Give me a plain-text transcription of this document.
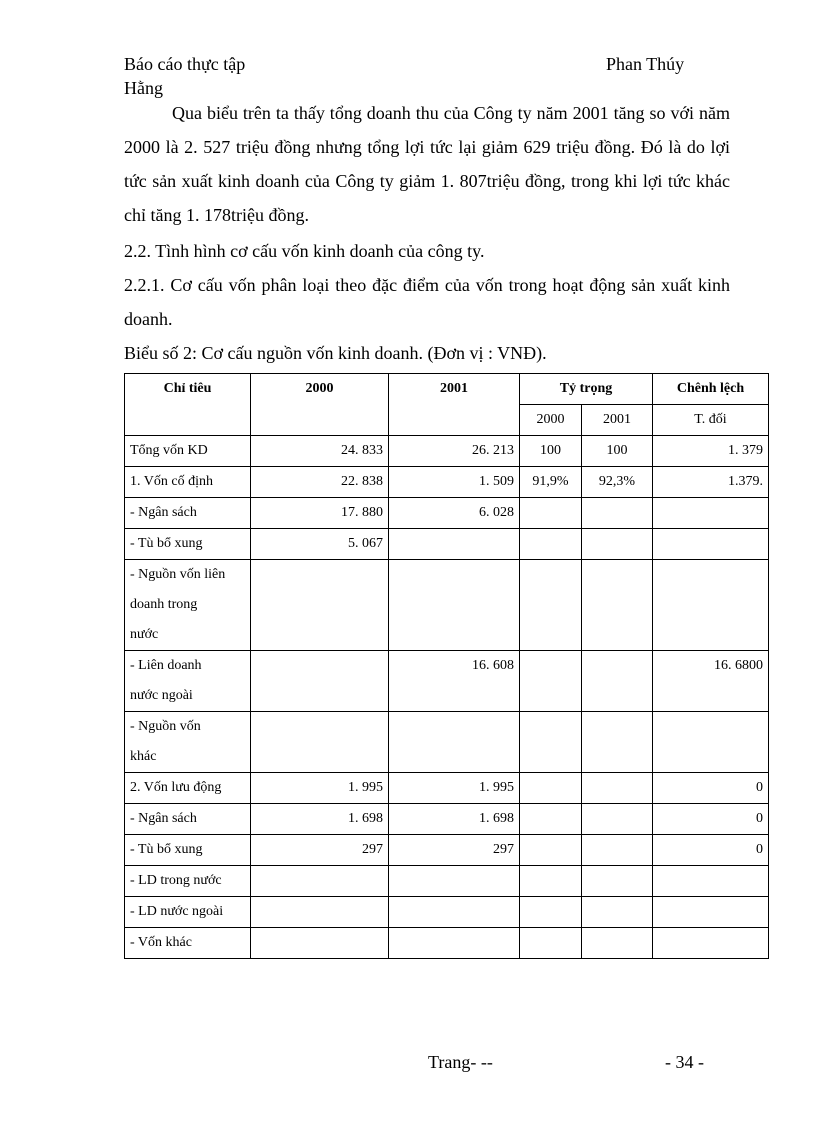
Báo cáo thực tập
Hằng
Phan Thúy
Qua biểu trên ta thấy tổng doanh thu của Công ty năm 2001 tăng so với năm 2000 là 2. 527 triệu đồng nhưng tổng lợi tức lại giảm 629 triệu đồng. Đó là do lợi tức sản xuất kinh doanh của Công ty giảm 1. 807triệu đồng, trong khi lợi tức khác chỉ tăng 1. 178triệu đồng.
2.2. Tình hình cơ cấu vốn kinh doanh của công ty.
2.2.1. Cơ cấu vốn phân loại theo đặc điểm của vốn trong hoạt động sản xuất kinh doanh.
Biểu số 2: Cơ cấu nguồn vốn kinh doanh. (Đơn vị : VNĐ).
Chỉ tiêu	2000	2001	Tỷ trọng		Chênh lệch
			2000	2001	T. đối
Tổng vốn KD	24. 833	26. 213	100	100	1. 379
1. Vốn cố định	22. 838	1. 509	91,9%	92,3%	1.379.
- Ngân sách	17. 880	6. 028			
- Tù bổ xung	5. 067				

- Nguồn vốn liên
doanh trong
nước					

- Liên doanh
nước ngoài		16. 608			16. 6800

- Nguồn vốn
khác					

2. Vốn lưu động	1. 995	1. 995			0
- Ngân sách	1. 698	1. 698			0
- Tù bổ xung	297	297			0
- LD trong nước					
- LD nước ngoài					
- Vốn khác					
Trang- --	- 34 -
